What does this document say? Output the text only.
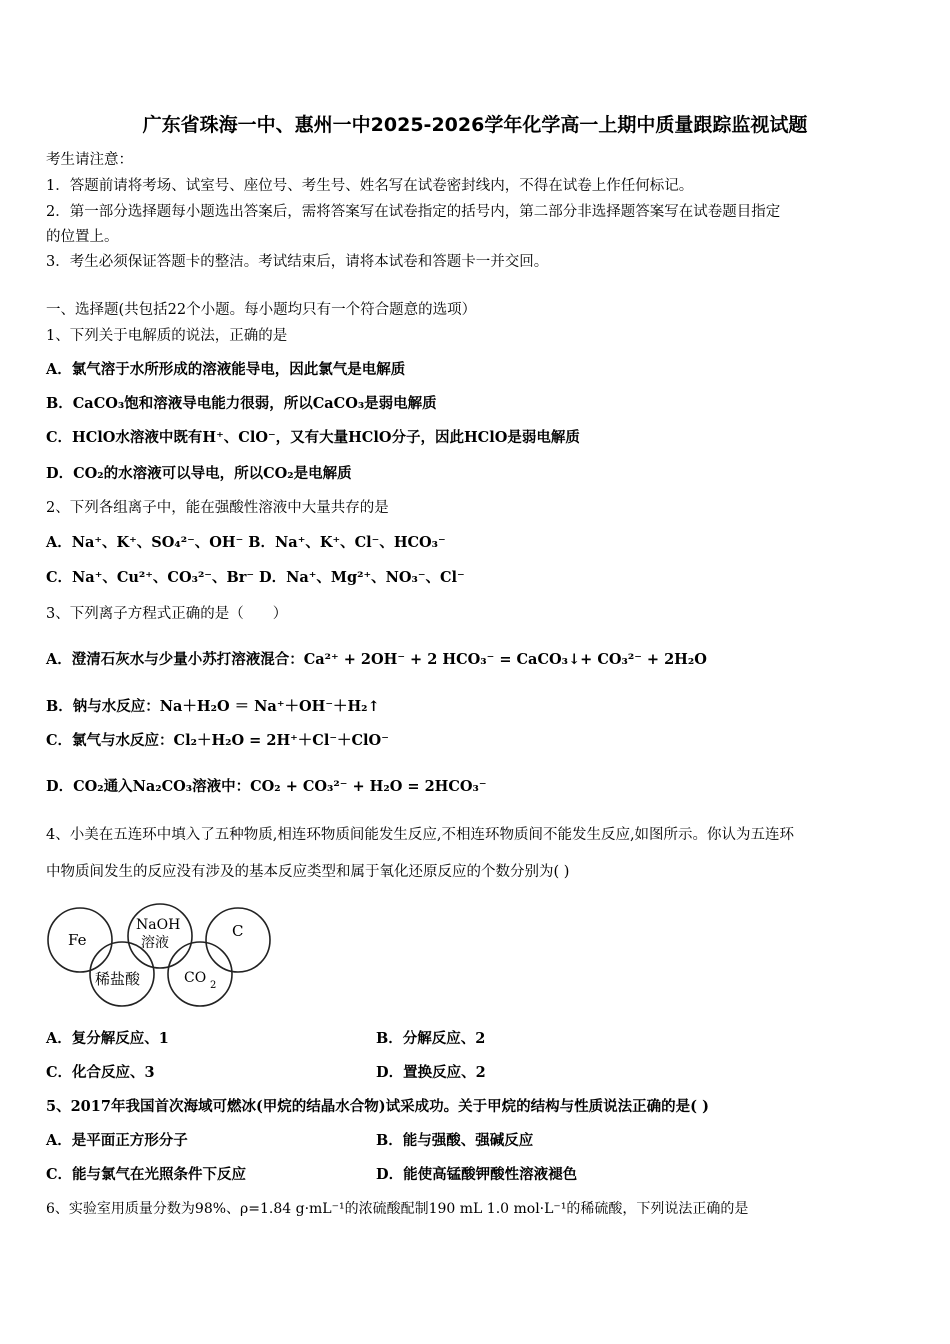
广东省珠海一中、惠州一中2025-2026学年化学高一上期中质量跟踪监视试题
考生请注意：
1．答题前请将考场、试室号、座位号、考生号、姓名写在试卷密封线内，不得在试卷上作任何标记。
2．第一部分选择题每小题选出答案后，需将答案写在试卷指定的括号内，第二部分非选择题答案写在试卷题目指定
的位置上。
3．考生必须保证答题卡的整洁。考试结束后，请将本试卷和答题卡一并交回。
一、选择题(共包括22个小题。每小题均只有一个符合题意的选项）
1、下列关于电解质的说法，正确的是
A．氯气溶于水所形成的溶液能导电，因此氯气是电解质
B．CaCO₃饱和溶液导电能力很弱，所以CaCO₃是弱电解质
C．HClO水溶液中既有H⁺、ClO⁻，又有大量HClO分子，因此HClO是弱电解质
D．CO₂的水溶液可以导电，所以CO₂是电解质
2、下列各组离子中，能在强酸性溶液中大量共存的是
A．Na⁺、K⁺、SO₄²⁻、OH⁻ B．Na⁺、K⁺、Cl⁻、HCO₃⁻
C．Na⁺、Cu²⁺、CO₃²⁻、Br⁻ D．Na⁺、Mg²⁺、NO₃⁻、Cl⁻
3、下列离子方程式正确的是（　　）
A．澄清石灰水与少量小苏打溶液混合：Ca²⁺ + 2OH⁻ + 2 HCO₃⁻ = CaCO₃↓+ CO₃²⁻ + 2H₂O
B．钠与水反应：Na＋H₂O ＝ Na⁺＋OH⁻＋H₂↑
C．氯气与水反应：Cl₂＋H₂O = 2H⁺＋Cl⁻＋ClO⁻
D．CO₂通入Na₂CO₃溶液中：CO₂ + CO₃²⁻ + H₂O = 2HCO₃⁻
4、小美在五连环中填入了五种物质,相连环物质间能发生反应,不相连环物质间不能发生反应,如图所示。你认为五连环
中物质间发生的反应没有涉及的基本反应类型和属于氧化还原反应的个数分别为( )
Fe
稀盐酸
NaOH
溶液
CO 2
C
A．复分解反应、1	B．分解反应、2
C．化合反应、3	D．置换反应、2
5、2017年我国首次海域可燃冰(甲烷的结晶水合物)试采成功。关于甲烷的结构与性质说法正确的是( )
A．是平面正方形分子	B．能与强酸、强碱反应
C．能与氯气在光照条件下反应	D．能使高锰酸钾酸性溶液褪色
6、实验室用质量分数为98%、ρ=1.84 g·mL⁻¹的浓硫酸配制190 mL 1.0 mol·L⁻¹的稀硫酸，下列说法正确的是
